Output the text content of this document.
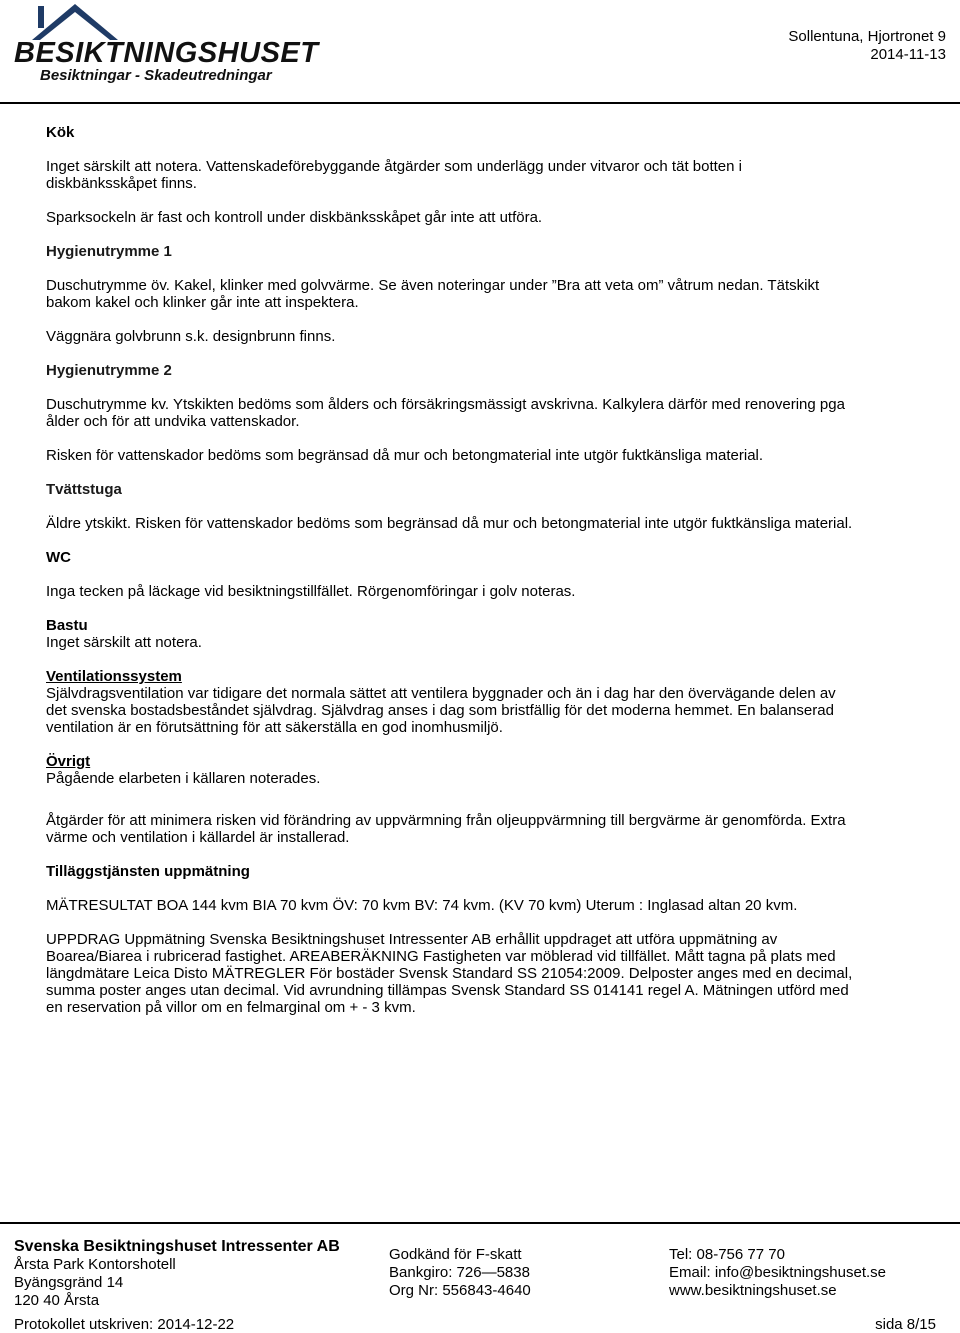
BESIKTNINGSHUSET
Besiktningar - Skadeutredningar
Sollentuna, Hjortronet 9
2014-11-13

Kök

Inget särskilt att notera. Vattenskadeförebyggande åtgärder som underlägg under vitvaror och tät botten i diskbänksskåpet finns.

Sparksockeln är fast och kontroll under diskbänksskåpet går inte att utföra.

Hygienutrymme 1

Duschutrymme öv. Kakel, klinker med golvvärme. Se även noteringar under ”Bra att veta om” våtrum nedan. Tätskikt bakom kakel och klinker går inte att inspektera.

Väggnära golvbrunn s.k. designbrunn finns.

Hygienutrymme 2

Duschutrymme kv. Ytskikten bedöms som ålders och försäkringsmässigt avskrivna. Kalkylera därför med renovering pga ålder och för att undvika vattenskador.

Risken för vattenskador bedöms som begränsad då mur och betongmaterial inte utgör fuktkänsliga material.

Tvättstuga

Äldre ytskikt. Risken för vattenskador bedöms som begränsad då mur och betongmaterial inte utgör fuktkänsliga material.

WC

Inga tecken på läckage vid besiktningstillfället. Rörgenomföringar i golv noteras.

Bastu

Inget särskilt att notera.

Ventilationssystem

Självdragsventilation var tidigare det normala sättet att ventilera byggnader och än i dag har den övervägande delen av det svenska bostadsbeståndet självdrag. Självdrag anses i dag som bristfällig för det moderna hemmet. En balanserad ventilation är en förutsättning för att säkerställa en god inomhusmiljö.

Övrigt

Pågående elarbeten i källaren noterades.

Åtgärder för att minimera risken vid förändring av uppvärmning från oljeuppvärmning till bergvärme är genomförda. Extra värme och ventilation i källardel är installerad.

Tilläggstjänsten uppmätning

MÄTRESULTAT BOA 144 kvm BIA 70 kvm ÖV: 70 kvm BV: 74 kvm. (KV 70 kvm) Uterum : Inglasad altan 20 kvm.

UPPDRAG Uppmätning Svenska Besiktningshuset Intressenter AB erhållit uppdraget att utföra uppmätning av Boarea/Biarea i rubricerad fastighet. AREABERÄKNING Fastigheten var möblerad vid tillfället. Mått tagna på plats med längdmätare Leica Disto MÄTREGLER För bostäder Svensk Standard SS 21054:2009. Delposter anges med en decimal, summa poster anges utan decimal. Vid avrundning tillämpas Svensk Standard SS 014141 regel A. Mätningen utförd med en reservation på villor om en felmarginal om + - 3 kvm.

Svenska Besiktningshuset Intressenter AB
Årsta Park Kontorshotell
Byängsgränd 14
120 40 Årsta
Godkänd för F-skatt
Bankgiro: 726—5838
Org Nr: 556843-4640
Tel: 08-756 77 70
Email: info@besiktningshuset.se
www.besiktningshuset.se
Protokollet utskriven: 2014-12-22	sida 8/15
